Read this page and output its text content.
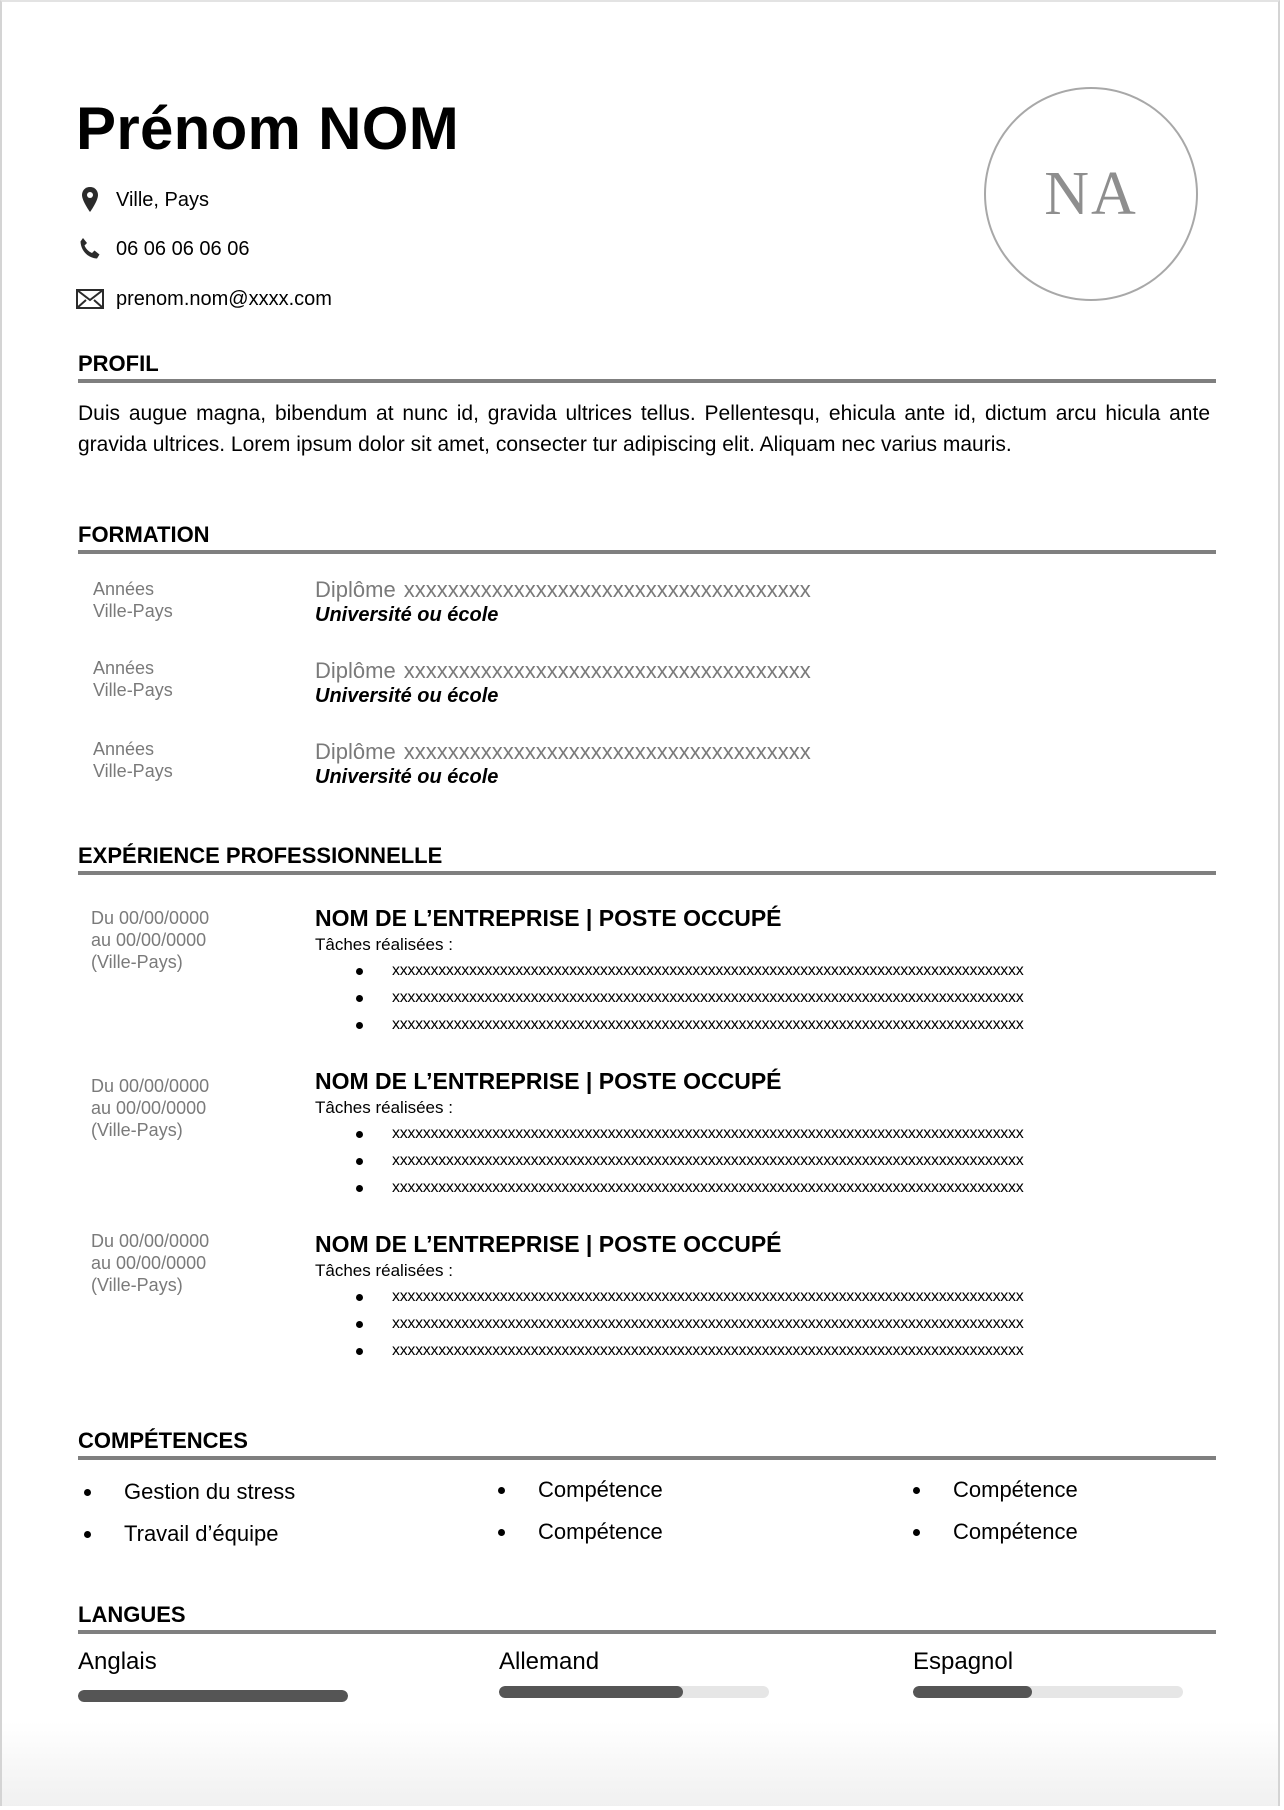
Prénom NOM
Ville, Pays
06 06 06 06 06
prenom.nom@xxxx.com
NA
PROFIL

Duis augue magna, bibendum at nunc id, gravida ultrices tellus. Pellentesqu, ehicula ante id, dictum arcu hicula ante gravida ultrices. Lorem ipsum dolor sit amet, consecter tur adipiscing elit. Aliquam nec varius mauris.

FORMATION
Années
Ville-Pays
Diplôme xxxxxxxxxxxxxxxxxxxxxxxxxxxxxxxxxxxxx
Université ou école
Années
Ville-Pays
Diplôme xxxxxxxxxxxxxxxxxxxxxxxxxxxxxxxxxxxxx
Université ou école
Années
Ville-Pays
Diplôme xxxxxxxxxxxxxxxxxxxxxxxxxxxxxxxxxxxxx
Université ou école
EXPÉRIENCE PROFESSIONNELLE
Du 00/00/0000
au 00/00/0000
(Ville-Pays)
NOM DE L’ENTREPRISE | POSTE OCCUPÉ
Tâches réalisées :
xxxxxxxxxxxxxxxxxxxxxxxxxxxxxxxxxxxxxxxxxxxxxxxxxxxxxxxxxxxxxxxxxxxxxxxxxxxxxxxxxx
xxxxxxxxxxxxxxxxxxxxxxxxxxxxxxxxxxxxxxxxxxxxxxxxxxxxxxxxxxxxxxxxxxxxxxxxxxxxxxxxxx
xxxxxxxxxxxxxxxxxxxxxxxxxxxxxxxxxxxxxxxxxxxxxxxxxxxxxxxxxxxxxxxxxxxxxxxxxxxxxxxxxx
Du 00/00/0000
au 00/00/0000
(Ville-Pays)
NOM DE L’ENTREPRISE | POSTE OCCUPÉ
Tâches réalisées :
xxxxxxxxxxxxxxxxxxxxxxxxxxxxxxxxxxxxxxxxxxxxxxxxxxxxxxxxxxxxxxxxxxxxxxxxxxxxxxxxxx
xxxxxxxxxxxxxxxxxxxxxxxxxxxxxxxxxxxxxxxxxxxxxxxxxxxxxxxxxxxxxxxxxxxxxxxxxxxxxxxxxx
xxxxxxxxxxxxxxxxxxxxxxxxxxxxxxxxxxxxxxxxxxxxxxxxxxxxxxxxxxxxxxxxxxxxxxxxxxxxxxxxxx
Du 00/00/0000
au 00/00/0000
(Ville-Pays)
NOM DE L’ENTREPRISE | POSTE OCCUPÉ
Tâches réalisées :
xxxxxxxxxxxxxxxxxxxxxxxxxxxxxxxxxxxxxxxxxxxxxxxxxxxxxxxxxxxxxxxxxxxxxxxxxxxxxxxxxx
xxxxxxxxxxxxxxxxxxxxxxxxxxxxxxxxxxxxxxxxxxxxxxxxxxxxxxxxxxxxxxxxxxxxxxxxxxxxxxxxxx
xxxxxxxxxxxxxxxxxxxxxxxxxxxxxxxxxxxxxxxxxxxxxxxxxxxxxxxxxxxxxxxxxxxxxxxxxxxxxxxxxx
COMPÉTENCES
Gestion du stress
Travail d’équipe
Compétence
Compétence
Compétence
Compétence
LANGUES
Anglais	Allemand	Espagnol
